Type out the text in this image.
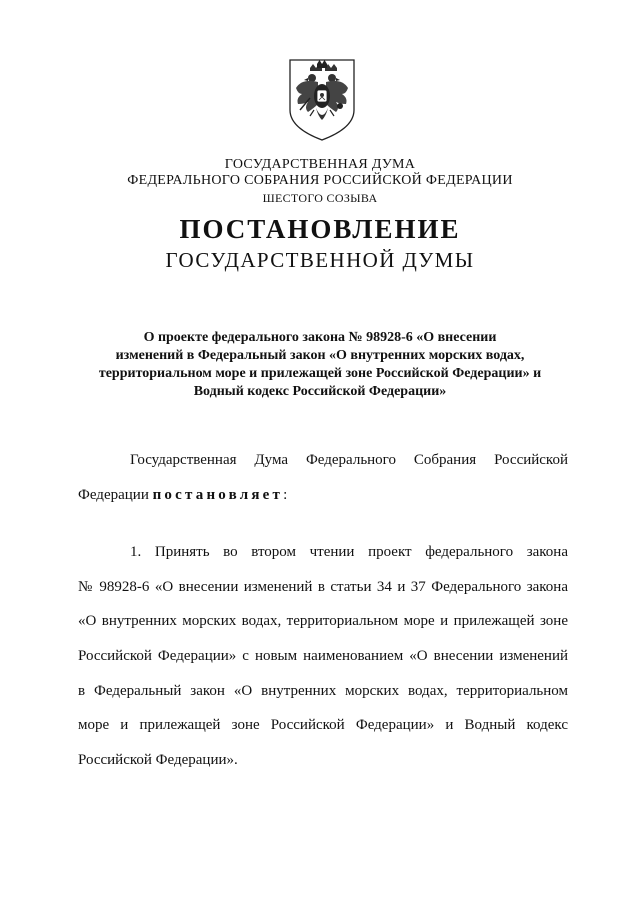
ГОСУДАРСТВЕННАЯ ДУМА
ФЕДЕРАЛЬНОГО СОБРАНИЯ РОССИЙСКОЙ ФЕДЕРАЦИИ
ШЕСТОГО СОЗЫВА
ПОСТАНОВЛЕНИЕ
ГОСУДАРСТВЕННОЙ ДУМЫ
О проекте федерального закона № 98928-6 «О внесении
изменений в Федеральный закон «О внутренних морских водах,
территориальном море и прилежащей зоне Российской Федерации» и
Водный кодекс Российской Федерации»
Государственная Дума Федерального Собрания Российской
Федерации постановляет:
1. Принять во втором чтении проект федерального закона
№ 98928-6 «О внесении изменений в статьи 34 и 37 Федерального закона
«О внутренних морских водах, территориальном море и прилежащей зоне
Российской Федерации» с новым наименованием «О внесении изменений
в Федеральный закон «О внутренних морских водах, территориальном
море и прилежащей зоне Российской Федерации» и Водный кодекс
Российской Федерации».
